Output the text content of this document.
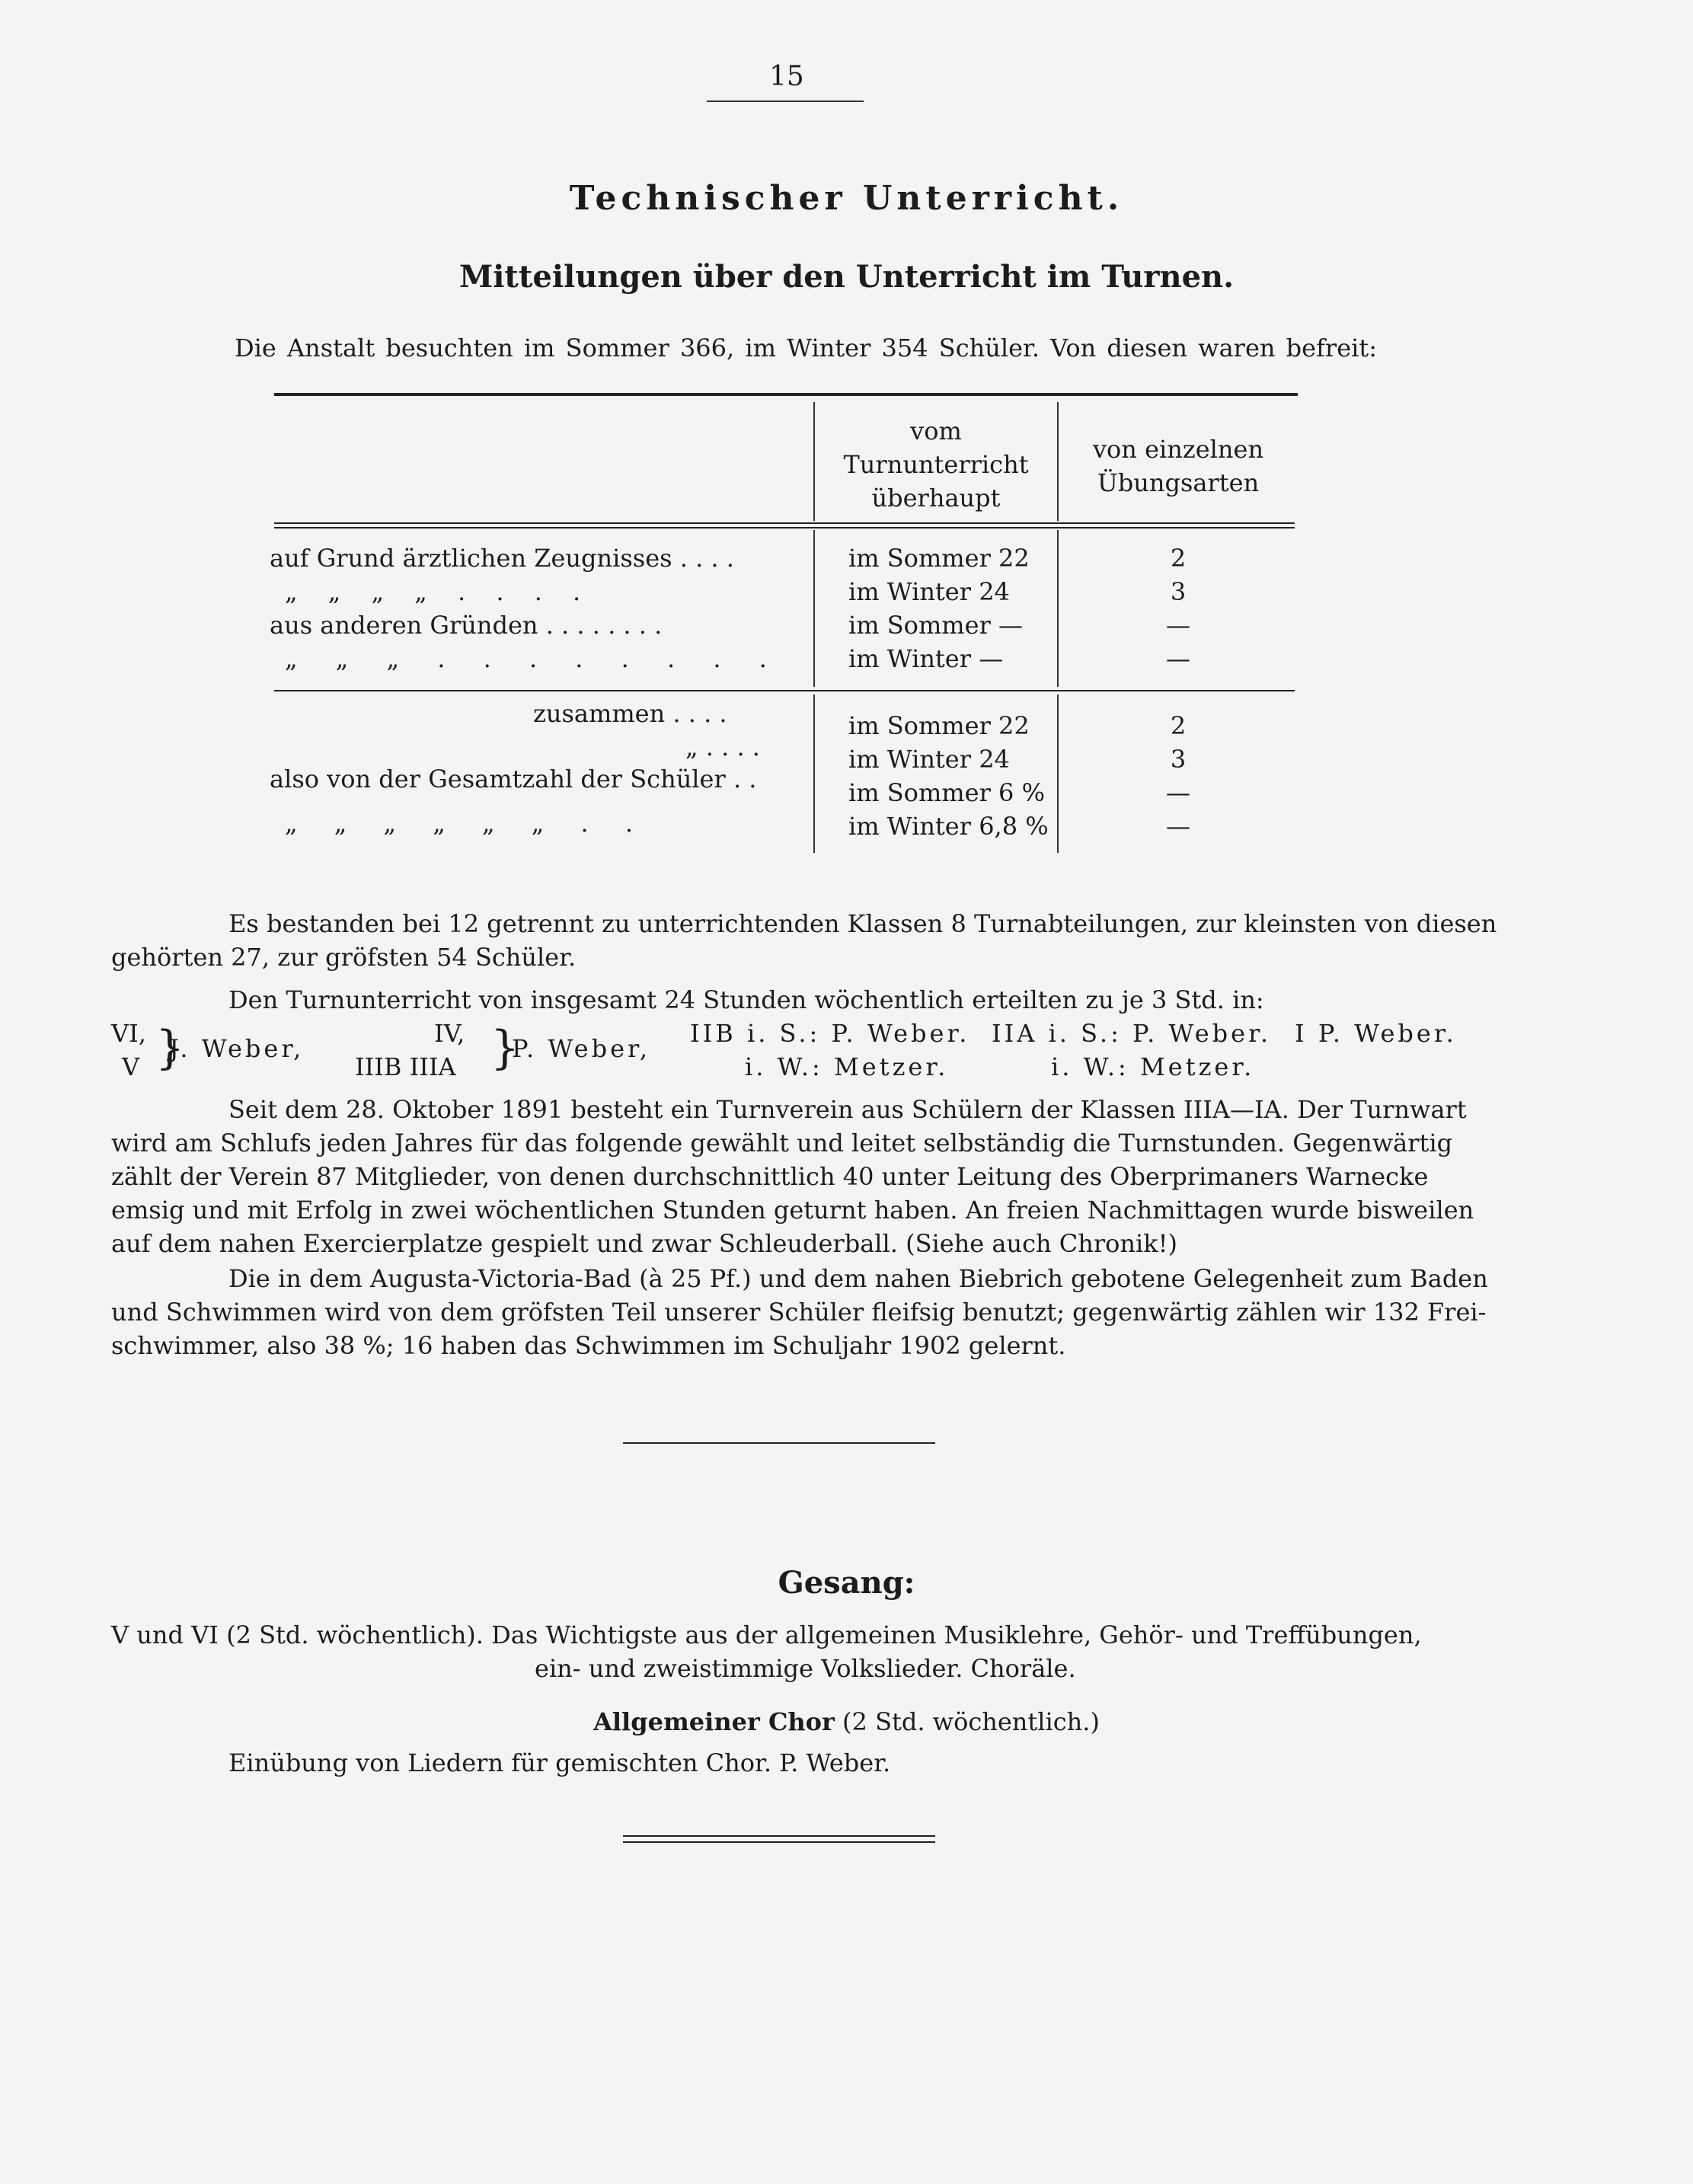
15
Technischer Unterricht.
Mitteilungen über den Unterricht im Turnen.
Die Anstalt besuchten im Sommer 366, im Winter 354 Schüler. Von diesen waren befreit:
vom
Turnunterricht
überhaupt
von einzelnen
Übungsarten
auf Grund ärztlichen Zeugnisses . . . .	im Sommer 22	2
„ „ „ „ . . . .	im Winter 24	3
aus anderen Gründen . . . . . . . .	im Sommer —	—
„ „ „ . . . . . . . .	im Winter —	—
zusammen . . . .	im Sommer 22	2
„ . . . .	im Winter 24	3
also von der Gesamtzahl der Schüler . .	im Sommer 6 %	—
„ „ „ „ „ „ . .	im Winter 6,8 %	—
Es bestanden bei 12 getrennt zu unterrichtenden Klassen 8 Turnabteilungen, zur kleinsten von diesen
gehörten 27, zur gröfsten 54 Schüler.
Den Turnunterricht von insgesamt 24 Stunden wöchentlich erteilten zu je 3 Std. in:
VI,
V }
J. Weber,
IV,
IIIB IIIA }
P. Weber,
IIB i. S.: P. Weber.
i. W.: Metzer.
IIA i. S.: P. Weber.
i. W.: Metzer.
I P. Weber.
Seit dem 28. Oktober 1891 besteht ein Turnverein aus Schülern der Klassen IIIA—IA. Der Turnwart
wird am Schlufs jeden Jahres für das folgende gewählt und leitet selbständig die Turnstunden. Gegenwärtig
zählt der Verein 87 Mitglieder, von denen durchschnittlich 40 unter Leitung des Oberprimaners Warnecke
emsig und mit Erfolg in zwei wöchentlichen Stunden geturnt haben. An freien Nachmittagen wurde bisweilen
auf dem nahen Exercierplatze gespielt und zwar Schleuderball. (Siehe auch Chronik!)
Die in dem Augusta-Victoria-Bad (à 25 Pf.) und dem nahen Biebrich gebotene Gelegenheit zum Baden
und Schwimmen wird von dem gröfsten Teil unserer Schüler fleifsig benutzt; gegenwärtig zählen wir 132 Frei-
schwimmer, also 38 %; 16 haben das Schwimmen im Schuljahr 1902 gelernt.
Gesang:
V und VI (2 Std. wöchentlich). Das Wichtigste aus der allgemeinen Musiklehre, Gehör- und Treffübungen,
ein- und zweistimmige Volkslieder. Choräle.
Allgemeiner Chor (2 Std. wöchentlich.)
Einübung von Liedern für gemischten Chor. P. Weber.
